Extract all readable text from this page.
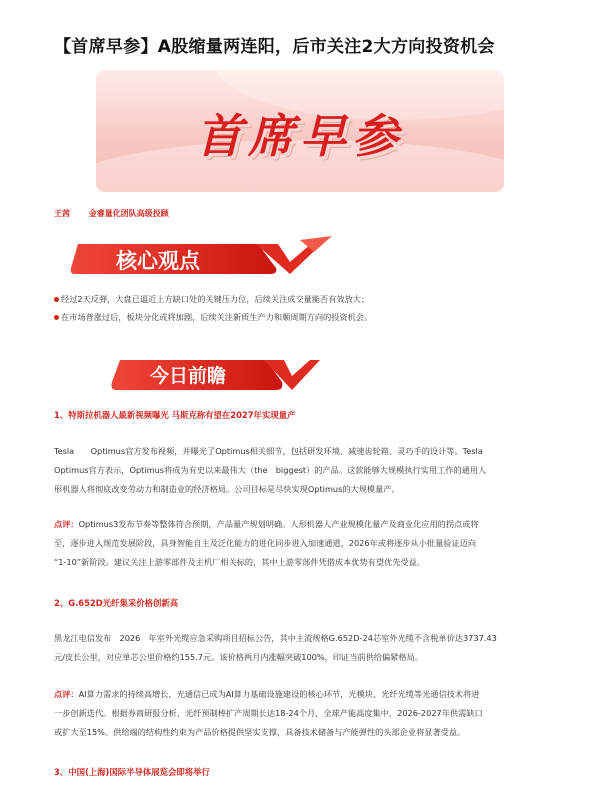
【首席早参】A股缩量两连阳，后市关注2大方向投资机会
首席早参
王茜 金睿量化团队高级投顾
核心观点
经过2天反弹，大盘已逼近上方缺口处的关键压力位，后续关注成交量能否有效放大；
在市场普涨过后，板块分化或将加剧，后续关注新质生产力和顺周期方向的投资机会。
今日前瞻
1、特斯拉机器人最新视频曝光 马斯克称有望在2027年实现量产
Tesla　　Optimus官方发布视频，并曝光了Optimus相关细节，包括研发环境、减速齿轮箱、灵巧手的设计等。Tesla
Optimus官方表示，Optimus将成为有史以来最伟大（the　biggest）的产品。这款能够大规模执行实用工作的通用人
形机器人将彻底改变劳动力和制造业的经济格局。公司目标是尽快实现Optimus的大规模量产。
点评：Optimus3发布节奏等整体符合预期，产品量产规划明确。人形机器人产业规模化量产及商业化应用的拐点或将
至，逐步进入规范发展阶段，具身智能自主及泛化能力的进化同步进入加速通道，2026年或将逐步从小批量验证迈向
“1-10”新阶段。建议关注上游零部件及主机厂相关标的，其中上游零部件凭借成本优势有望优先受益。
2、G.652D光纤集采价格创新高
黑龙江电信发布　2026　年室外光缆应急采购项目招标公告，其中主流规格G.652D-24芯室外光缆不含税单价达3737.43
元/皮长公里，对应单芯公里价格约155.7元。该价格两月内涨幅突破100%，印证当前供给偏紧格局。
点评：AI算力需求的持续高增长，光通信已成为AI算力基础设施建设的核心环节，光模块、光纤光缆等光通信技术将进
一步创新迭代。根据券商研报分析，光纤预制棒扩产周期长达18-24个月，全球产能高度集中，2026-2027年供需缺口
或扩大至15%。供给端的结构性约束为产品价格提供坚实支撑，具备技术储备与产能弹性的头部企业将显著受益。
3、中国(上海)国际半导体展览会即将举行
